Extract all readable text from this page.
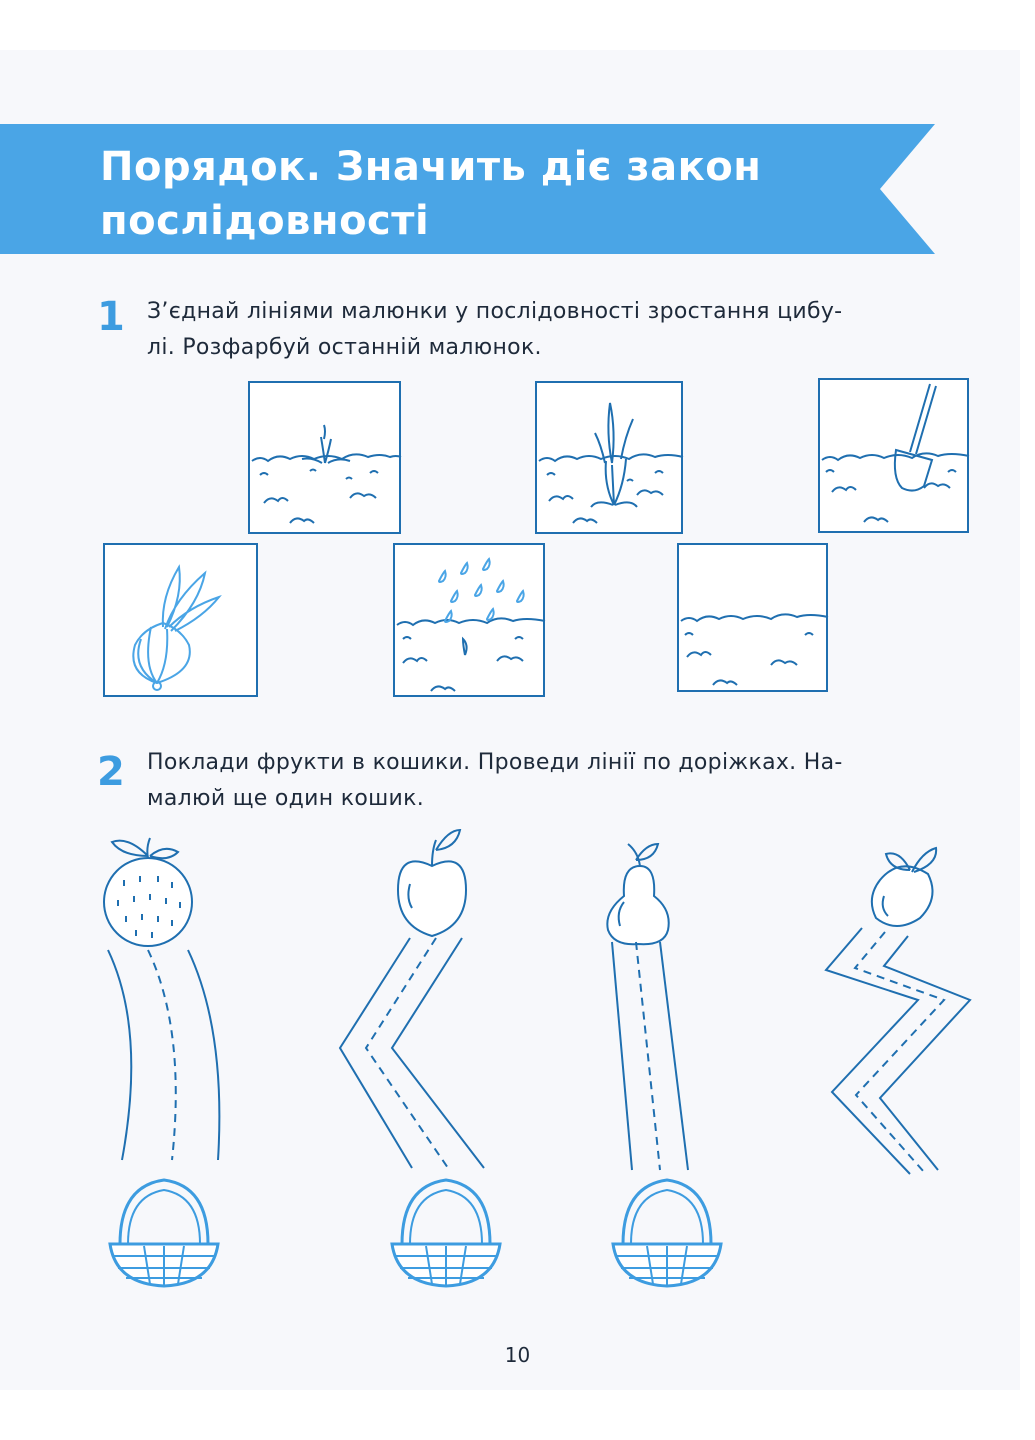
Порядок. Значить діє закон
послідовності
1 З’єднай лініями малюнки у послідовності зростання цибу-
лі. Розфарбуй останній малюнок.

2 Поклади фрукти в кошики. Проведи лінії по доріжках. На-
малюй ще один кошик.

10
